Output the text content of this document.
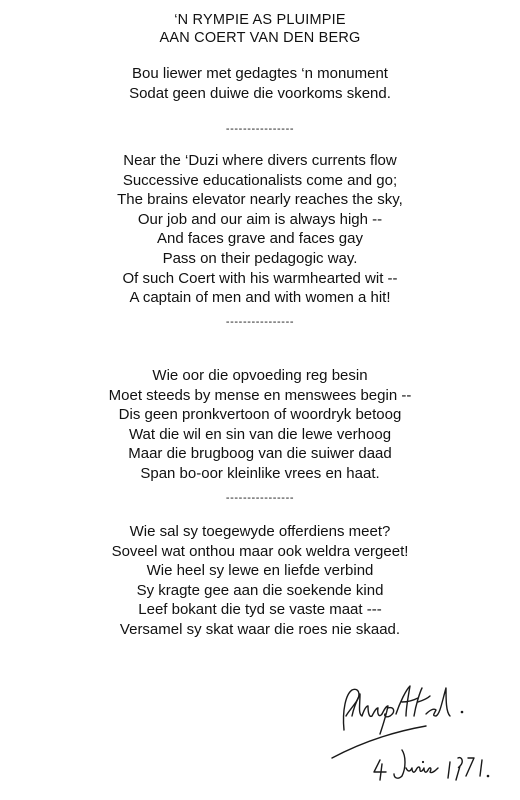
‘N RYMPIE AS PLUIMPIE
AAN COERT VAN DEN BERG
Bou liewer met gedagtes ‘n monument
Sodat geen duiwe die voorkoms skend.
----------------
Near the ‘Duzi where divers currents flow
Successive educationalists come and go;
The brains elevator nearly reaches the sky,
Our job and our aim is always high --
And faces grave and faces gay
Pass on their pedagogic way.
Of such Coert with his warmhearted wit --
A captain of men and with women a hit!
----------------
Wie oor die opvoeding reg besin
Moet steeds by mense en menswees begin --
Dis geen pronkvertoon of woordryk betoog
Wat die wil en sin van die lewe verhoog
Maar die brugboog van die suiwer daad
Span bo-oor kleinlike vrees en haat.
----------------
Wie sal sy toegewyde offerdiens meet?
Soveel wat onthou maar ook weldra vergeet!
Wie heel sy lewe en liefde verbind
Sy kragte gee aan die soekende kind
Leef bokant die tyd se vaste maat ---
Versamel sy skat waar die roes nie skaad.
